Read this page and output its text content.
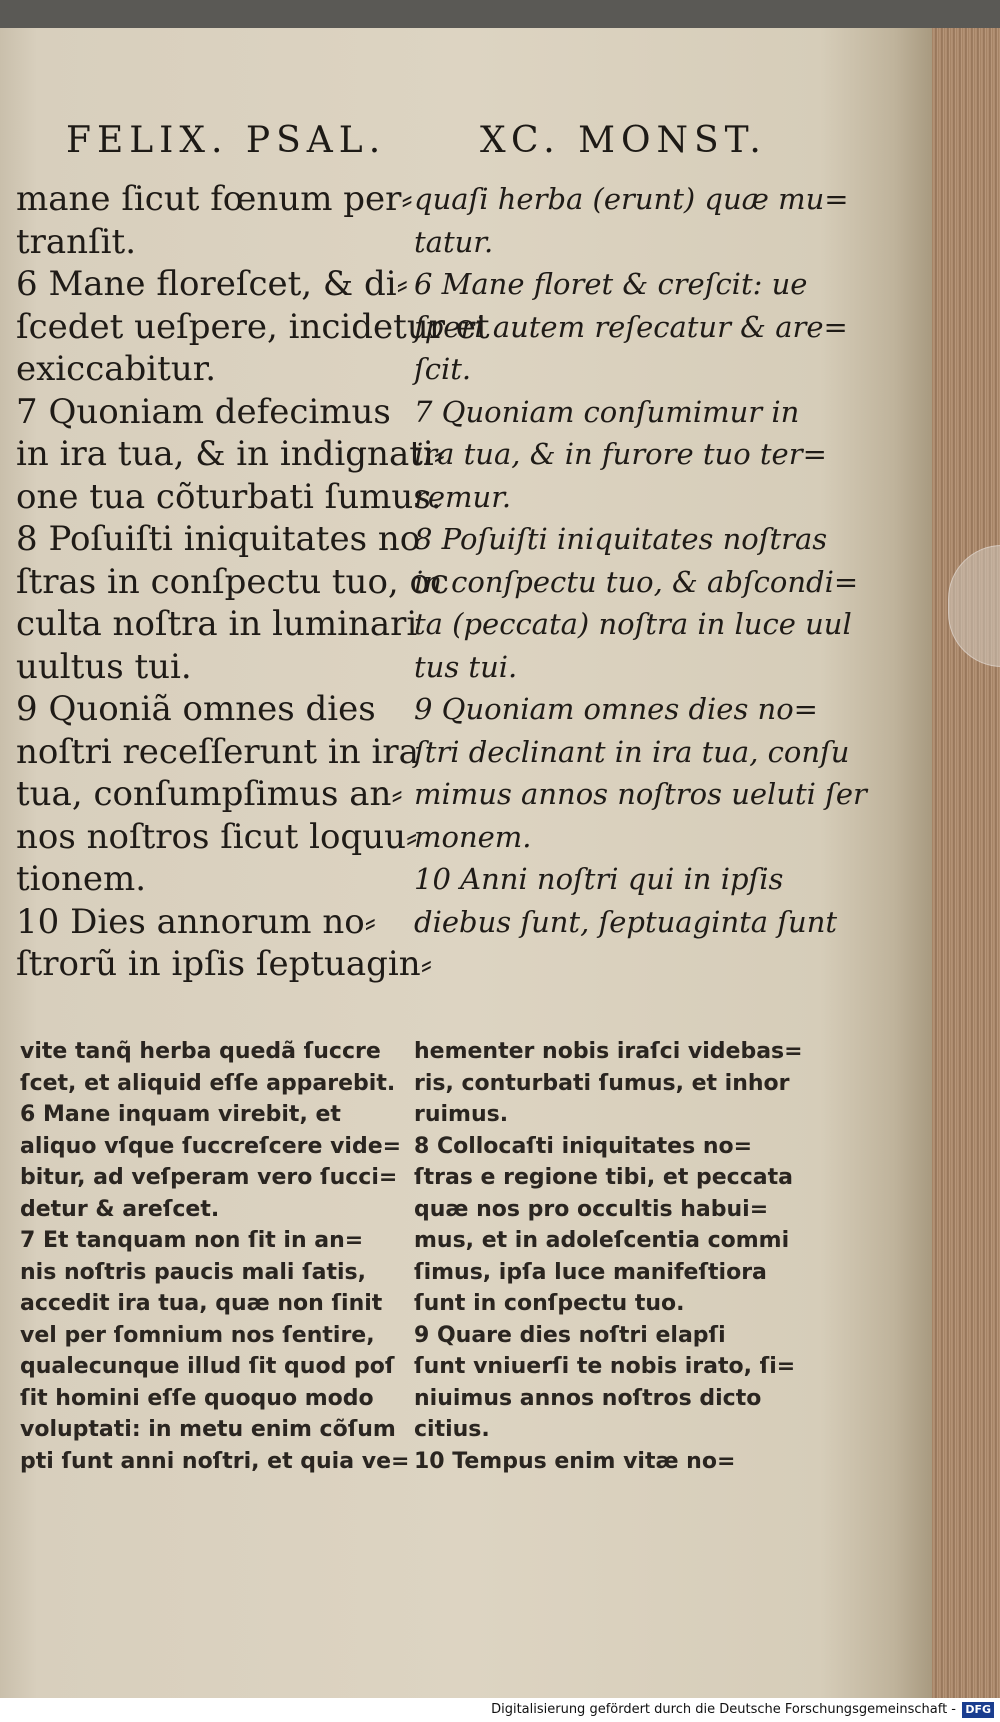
FELIX. PSAL.	XC. MONST.
mane ſicut fœnum per⸗
tranſit.
6 Mane floreſcet, & di⸗
ſcedet ueſpere, incidetur et
exiccabitur.
7 Quoniam defecimus
in ira tua, & in indignati⸗
one tua cõturbati ſumus.
8 Poſuiſti iniquitates no
ſtras in conſpectu tuo, oc
culta noſtra in luminari
uultus tui.
9 Quoniã omnes dies
noſtri receſſerunt in ira
tua, conſumpſimus an⸗
nos noſtros ſicut loquu⸗
tionem.
10 Dies annorum no⸗
ſtrorũ in ipſis ſeptuagin⸗
quaſi herba (erunt) quæ mu=
tatur.
6 Mane floret & creſcit: ue
ſperi autem reſecatur & are=
ſcit.
7 Quoniam conſumimur in
ira tua, & in furore tuo ter=
remur.
8 Poſuiſti iniquitates noſtras
in conſpectu tuo, & abſcondi=
ta (peccata) noſtra in luce uul
tus tui.
9 Quoniam omnes dies no=
ſtri declinant in ira tua, conſu
mimus annos noſtros ueluti ſer
monem.
10 Anni noſtri qui in ipſis
diebus ſunt, ſeptuaginta ſunt
vite tanq̃ herba quedã ſuccre
ſcet, et aliquid eſſe apparebit.
6 Mane inquam virebit, et
aliquo vſque ſuccreſcere vide=
bitur, ad veſperam vero ſucci=
detur & areſcet.
7 Et tanquam non ſit in an=
nis noſtris paucis mali ſatis,
accedit ira tua, quæ non ſinit
vel per ſomnium nos ſentire,
qualecunque illud ſit quod poſ
ſit homini eſſe quoquo modo
voluptati: in metu enim cõſum
pti ſunt anni noſtri, et quia ve=
hementer nobis iraſci videbas=
ris, conturbati ſumus, et inhor
ruimus.
8 Collocaſti iniquitates no=
ſtras e regione tibi, et peccata
quæ nos pro occultis habui=
mus, et in adoleſcentia commi
ſimus, ipſa luce manifeſtiora
ſunt in conſpectu tuo.
9 Quare dies noſtri elapſi
ſunt vniuerſi te nobis irato, ſi=
niuimus annos noſtros dicto
citius.
10 Tempus enim vitæ no=
Digitalisierung gefördert durch die Deutsche Forschungsgemeinschaft - DFG
